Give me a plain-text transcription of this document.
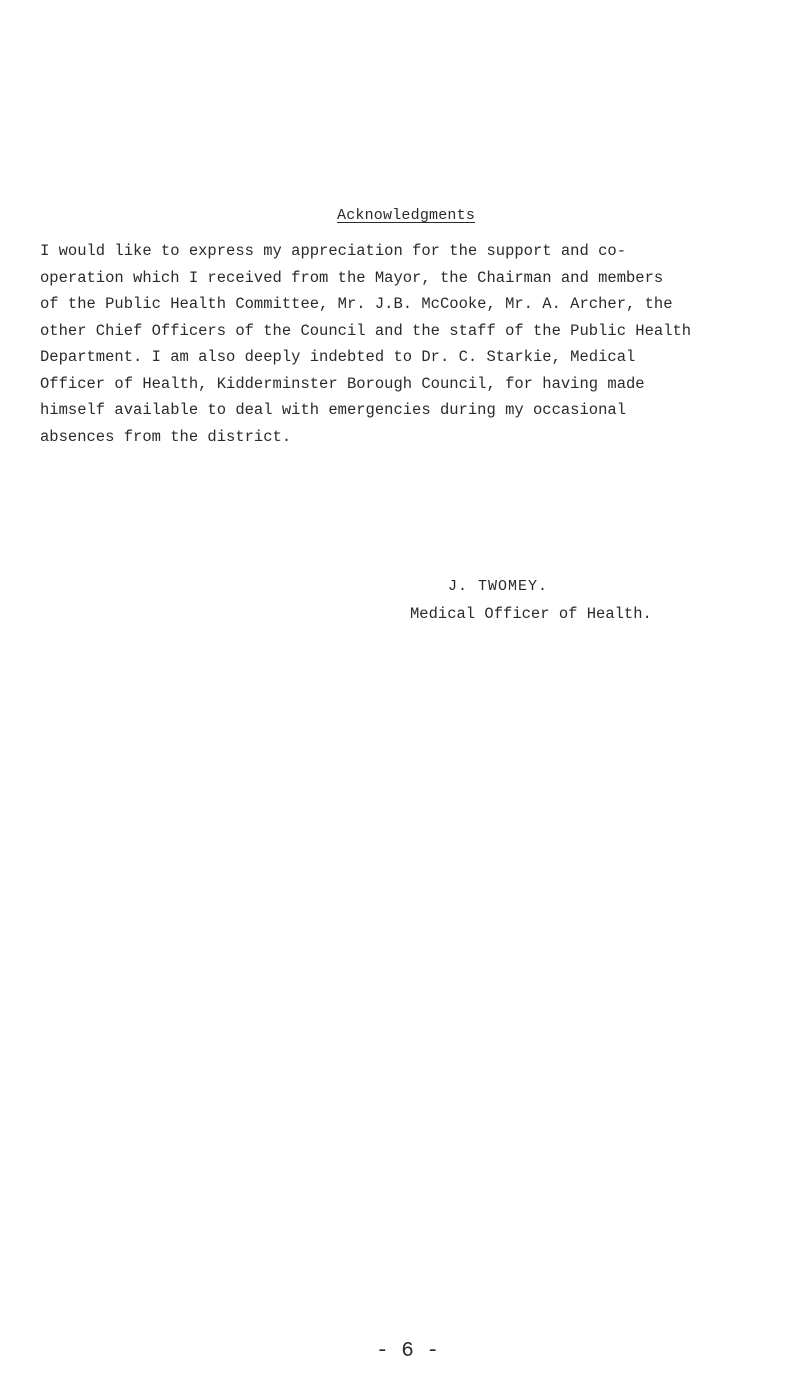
Acknowledgments

I would like to express my appreciation for the support and co-
operation which I received from the Mayor, the Chairman and members
of the Public Health Committee, Mr. J.B. McCooke, Mr. A. Archer, the
other Chief Officers of the Council and the staff of the Public Health
Department. I am also deeply indebted to Dr. C. Starkie, Medical
Officer of Health, Kidderminster Borough Council, for having made
himself available to deal with emergencies during my occasional
absences from the district.

J. TWOMEY.

Medical Officer of Health.

- 6 -
